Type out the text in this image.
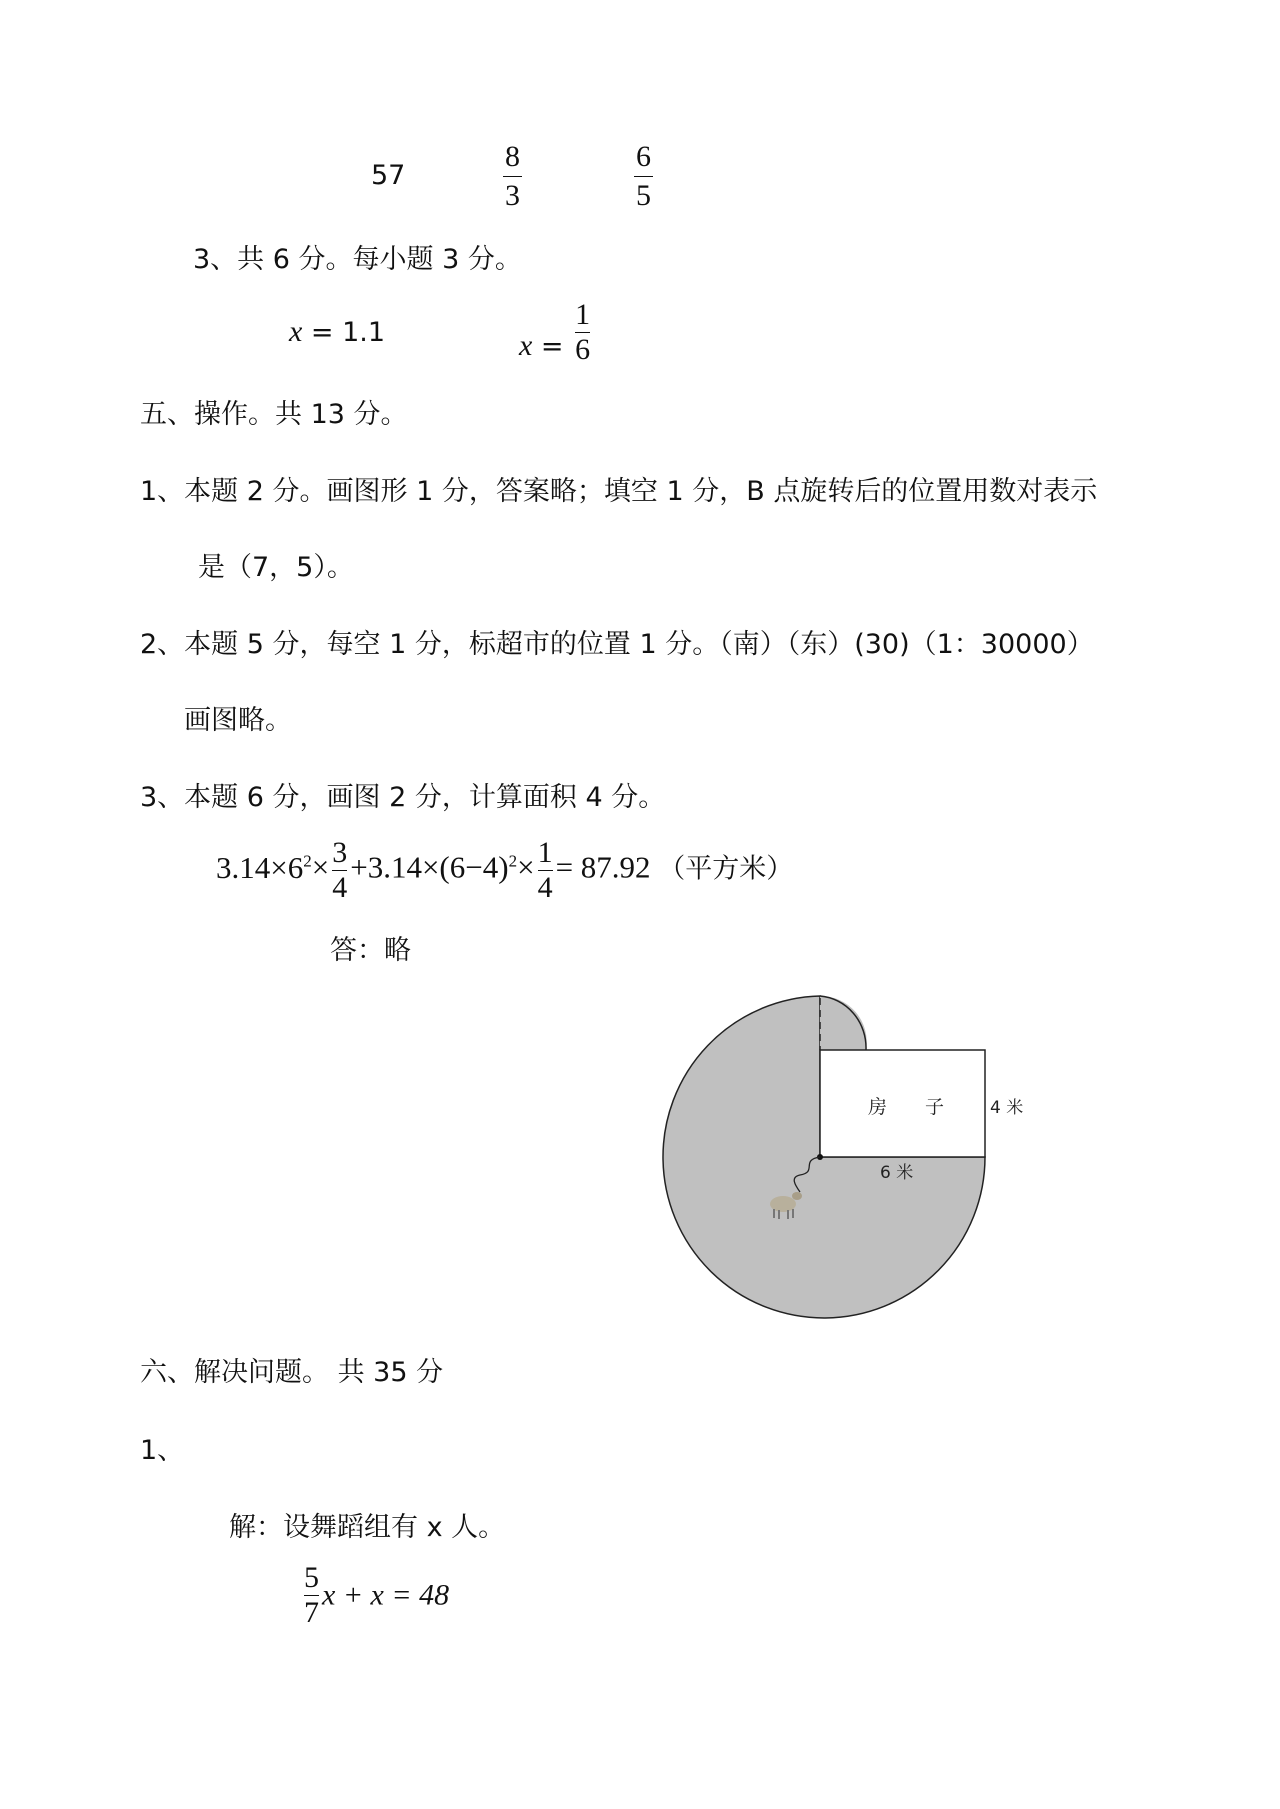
57
8
3
6
5
3、共 6 分。每小题 3 分。
x = 1.1	$x = \frac{1}{6}$
五、操作。共 13 分。
1、本题 2 分。画图形 1 分，答案略；填空 1 分，B 点旋转后的位置用数对表示
是（7，5）。
2、本题 5 分，每空 1 分，标超市的位置 1 分。（南）（东）(30)（1：30000）
画图略。
3、本题 6 分，画图 2 分，计算面积 4 分。
$3.14\times 6^2\times \frac{3}{4} +3.14\times(6-4)^2\times \frac{1}{4} = 87.92$ （平方米）
答：略
房　　子	4 米
6 米
六、解决问题。 共 35 分
1、
解：设舞蹈组有 x 人。
$\frac{5}{7}$ x + x = 48
